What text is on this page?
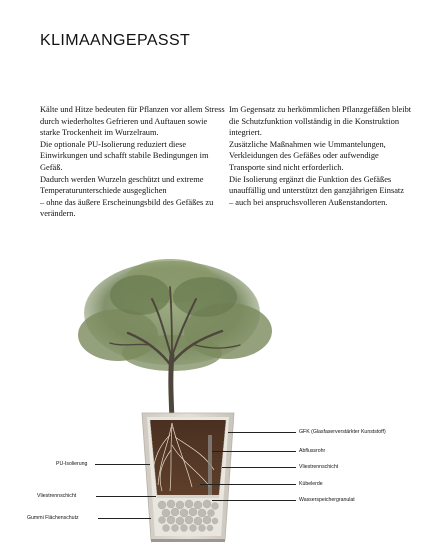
KLIMAANGEPASST

Kälte und Hitze bedeuten für Pflanzen vor allem Stress durch wiederholtes Gefrieren und Auftauen sowie starke Trockenheit im Wurzelraum.

Die optionale PU-Isolierung reduziert diese Einwirkungen und schafft stabile Bedingungen im Gefäß.

Dadurch werden Wurzeln geschützt und extreme Temperaturunterschiede ausgeglichen

– ohne das äußere Erscheinungsbild des Gefäßes zu verändern.

Im Gegensatz zu herkömmlichen Pflanzgefäßen bleibt die Schutzfunktion vollständig in die Konstruktion integriert.

Zusätzliche Maßnahmen wie Ummantelungen, Verkleidungen des Gefäßes oder aufwendige Transporte sind nicht erforderlich.

Die Isolierung ergänzt die Funktion des Gefäßes unauffällig und unterstützt den ganzjährigen Einsatz

– auch bei anspruchsvolleren Außenstandorten.

GFK (Glasfaserverstärkter Kunststoff)
Abflussrohr
Vliestrennschicht
Kübelerde
Wasserspeichergranulat
PU-Isolierung
Vliestrennschicht
Gummi Flächenschutz
